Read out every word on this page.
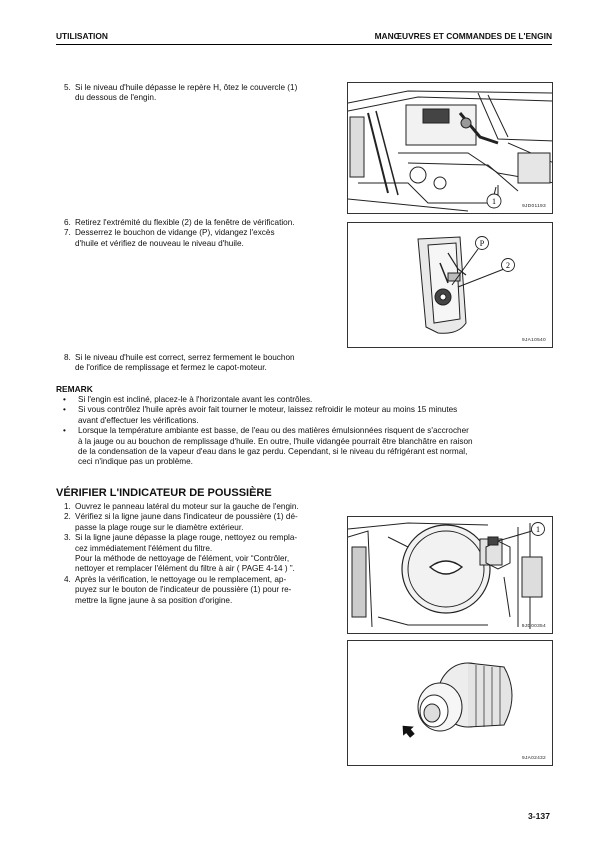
UTILISATION	MANŒUVRES ET COMMANDES DE L'ENGIN
5. Si le niveau d'huile dépasse le repère H, ôtez le couvercle (1)
du dessous de l'engin.
1
9JD01193
6. Retirez l'extrémité du flexible (2) de la fenêtre de vérification.
7. Desserrez le bouchon de vidange (P), vidangez l'excès
d'huile et vérifiez de nouveau le niveau d'huile.	P
2
9JA10540
8. Si le niveau d'huile est correct, serrez fermement le bouchon
de l'orifice de remplissage et fermez le capot-moteur.
REMARK
• Si l'engin est incliné, placez-le à l'horizontale avant les contrôles.
• Si vous contrôlez l'huile après avoir fait tourner le moteur, laissez refroidir le moteur au moins 15 minutes
avant d'effectuer les vérifications.
• Lorsque la température ambiante est basse, de l'eau ou des matières émulsionnées risquent de s'accrocher
à la jauge ou au bouchon de remplissage d'huile. En outre, l'huile vidangée pourrait être blanchâtre en raison
de la condensation de la vapeur d'eau dans le gaz perdu. Cependant, si le niveau du réfrigérant est normal,
ceci n'indique pas un problème.
VÉRIFIER L'INDICATEUR DE POUSSIÈRE
1. Ouvrez le panneau latéral du moteur sur la gauche de l'engin.
2. Vérifiez si la ligne jaune dans l'indicateur de poussière (1) dé-
passe la plage rouge sur le diamètre extérieur.
3. Si la ligne jaune dépasse la plage rouge, nettoyez ou rempla-
cez immédiatement l'élément du filtre.
Pour la méthode de nettoyage de l'élément, voir “Contrôler,
nettoyer et remplacer l'élément du filtre à air ( PAGE 4-14 ) ”.
4. Après la vérification, le nettoyage ou le remplacement, ap-
puyez sur le bouton de l'indicateur de poussière (1) pour re-
mettre la ligne jaune à sa position d'origine.
1
9JD00354
9JA02432
3-137
